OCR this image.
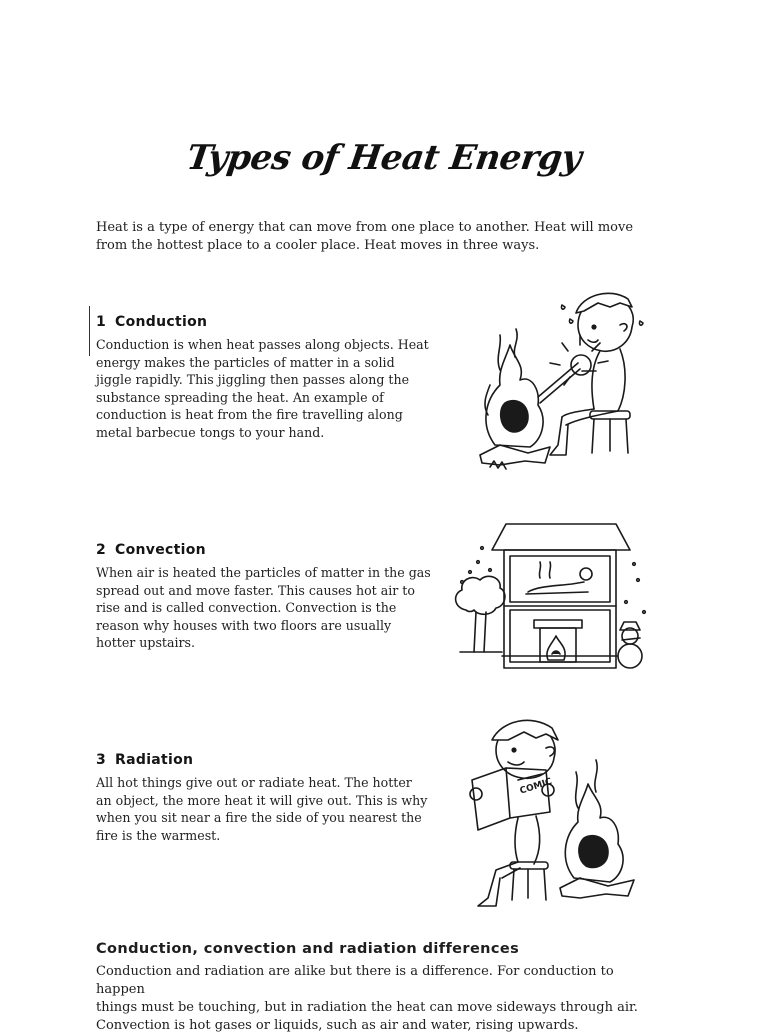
Types of Heat Energy
Heat is a type of energy that can move from one place to another. Heat will move from the hottest place to a cooler place. Heat moves in three ways.
1 Conduction
Conduction is when heat passes along objects. Heat
energy makes the particles of matter in a solid
jiggle rapidly. This jiggling then passes along the
substance spreading the heat. An example of
conduction is heat from the fire travelling along
metal barbecue tongs to your hand.
2 Convection
When air is heated the particles of matter in the gas
spread out and move faster. This causes hot air to
rise and is called convection. Convection is the
reason why houses with two floors are usually
hotter upstairs.
3 Radiation
All hot things give out or radiate heat. The hotter
an object, the more heat it will give out. This is why
when you sit near a fire the side of you nearest the
fire is the warmest.
COMIC
Conduction, convection and radiation differences
Conduction and radiation are alike but there is a difference. For conduction to happen
things must be touching, but in radiation the heat can move sideways through air.
Convection is hot gases or liquids, such as air and water, rising upwards.
